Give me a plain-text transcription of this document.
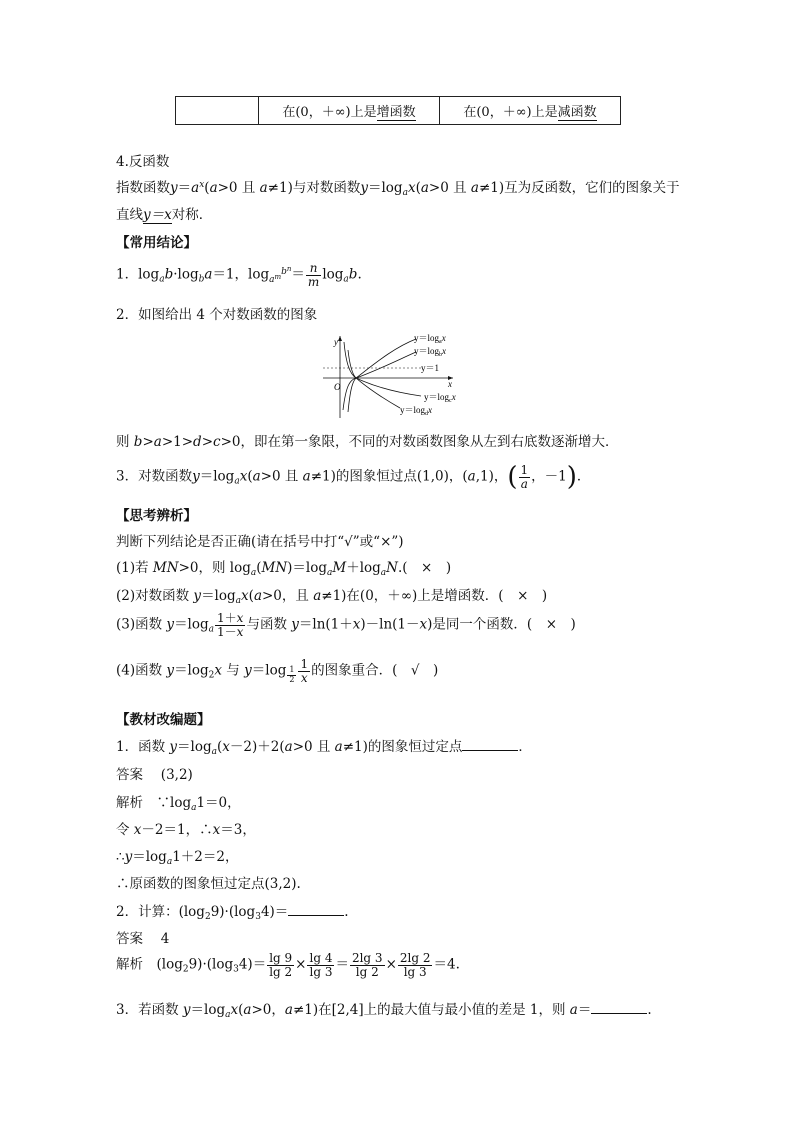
	在(0，＋∞)上是增函数	在(0，＋∞)上是减函数
4.反函数
指数函数$y=a^x(a>0$ 且 a≠1)与对数函数$y=\log_ax(a>0$ 且 a≠1)互为反函数，它们的图象关于
直线y＝x对称．
【常用结论】
1．$\log_ab\cdot\log_ba=1$，$\log_{a^m}^{b^n}= \frac{n}{m} \log_ab$.
2．如图给出 4 个对数函数的图象
y
x
O
$y=\log_ax$
$y=\log_bx$
y＝1
$y=\log_cx$
$y=\log_dx$
则 b>a>1>d>c>0，即在第一象限，不同的对数函数图象从左到右底数逐渐增大．
3．对数函数$y=\log_ax(a>0$ 且 a≠1)的图象恒过点(1,0)，(a,1)，( $\frac{1}{a}$ ，－1)．
【思考辨析】
判断下列结论是否正确(请在括号中打“√”或“×”)
(1)若 MN>0，则 $\log_a(MN)=\log_aM+\log_aN$.(　×　)
(2)对数函数 $y=\log_ax(a>0$，且 a≠1)在(0，＋∞)上是增函数．(　×　)
(3)函数 $y=\log_a \frac{1+x}{1-x}$ 与函数 y＝ln(1＋x)－ln(1－x)是同一个函数．(　×　)
(4)函数 $y=\log_2x$ 与 y＝log $_{\frac{1}{2}} \frac{1}{x}$ 的图象重合．(　√　)
【教材改编题】
1．函数 $y=\log_a(x-2)+2(a>0$ 且 a≠1)的图象恒过定点	．
答案　 (3,2)
解析　$\because\log_a1=0$，
令 x－2＝1，∴x＝3，
$\therefore y=\log_a1+2=2$，
∴原函数的图象恒过定点(3,2).
2．计算：$(\log_29)\cdot(\log_34)=$	.
答案　 4
解析　$(\log_29)\cdot(\log_34)= \frac{\lg 9}{\lg 2} \times \frac{\lg 4}{\lg 3} = \frac{2\lg 3}{\lg 2} \times \frac{2\lg 2}{\lg 3} =4$.
3．若函数 $y=\log_ax(a>0$，a≠1)在[2,4]上的最大值与最小值的差是 1，则 a＝	.
